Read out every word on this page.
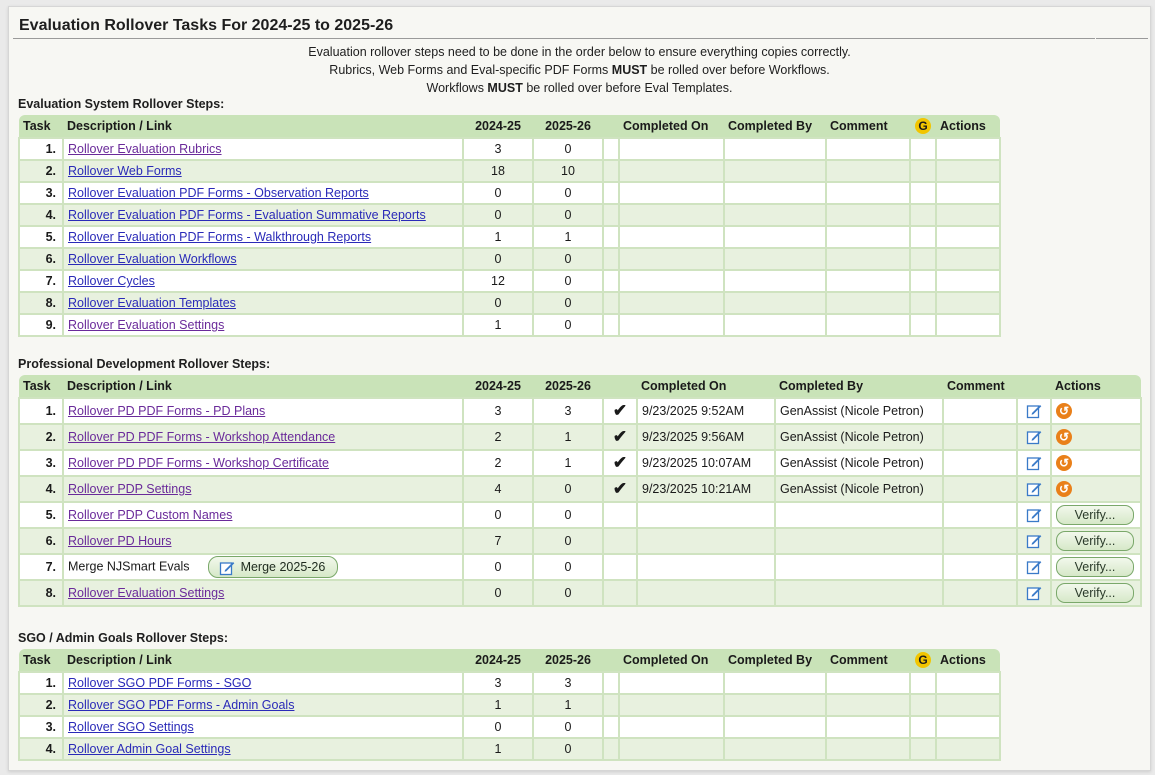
Evaluation Rollover Tasks For 2024-25 to 2025-26
Evaluation rollover steps need to be done in the order below to ensure everything copies correctly.
Rubrics, Web Forms and Eval-specific PDF Forms MUST be rolled over before Workflows.
Workflows MUST be rolled over before Eval Templates.
Evaluation System Rollover Steps:
Task	Description / Link	2024-25	2025-26		Completed On	Completed By	Comment	G	Actions
1.	Rollover Evaluation Rubrics	3	0						
2.	Rollover Web Forms	18	10						
3.	Rollover Evaluation PDF Forms - Observation Reports	0	0						
4.	Rollover Evaluation PDF Forms - Evaluation Summative Reports	0	0						
5.	Rollover Evaluation PDF Forms - Walkthrough Reports	1	1						
6.	Rollover Evaluation Workflows	0	0						
7.	Rollover Cycles	12	0						
8.	Rollover Evaluation Templates	0	0						
9.	Rollover Evaluation Settings	1	0						
Professional Development Rollover Steps:
Task	Description / Link	2024-25	2025-26		Completed On	Completed By	Comment		Actions
1.	Rollover PD PDF Forms - PD Plans	3	3	✔	9/23/2025 9:52AM	GenAssist (Nicole Petron)			↺
2.	Rollover PD PDF Forms - Workshop Attendance	2	1	✔	9/23/2025 9:56AM	GenAssist (Nicole Petron)			↺
3.	Rollover PD PDF Forms - Workshop Certificate	2	1	✔	9/23/2025 10:07AM	GenAssist (Nicole Petron)			↺
4.	Rollover PDP Settings	4	0	✔	9/23/2025 10:21AM	GenAssist (Nicole Petron)			↺
5.	Rollover PDP Custom Names	0	0						Verify...
6.	Rollover PD Hours	7	0						Verify...
7.	Merge NJSmart Evals Merge 2025-26	0	0						Verify...
8.	Rollover Evaluation Settings	0	0						Verify...
SGO / Admin Goals Rollover Steps:
Task	Description / Link	2024-25	2025-26		Completed On	Completed By	Comment	G	Actions
1.	Rollover SGO PDF Forms - SGO	3	3						
2.	Rollover SGO PDF Forms - Admin Goals	1	1						
3.	Rollover SGO Settings	0	0						
4.	Rollover Admin Goal Settings	1	0						
